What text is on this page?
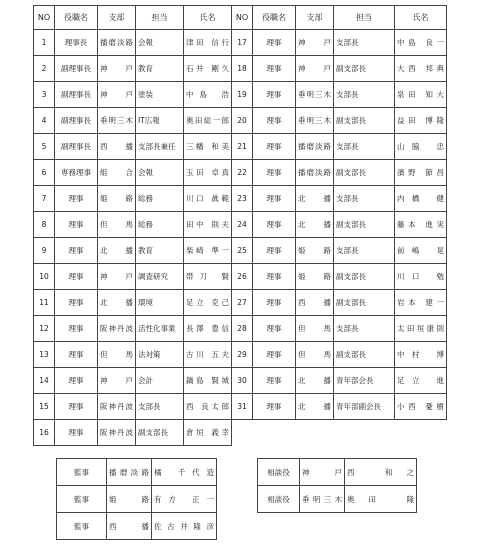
NO	役職名	支部	担当	氏名	NO	役職名	支部	担当	氏名
1	理事長	播磨淡路	会報	津田 信行	17	理事	神 戸	支部長	中島 良一
2	副理事長	神 戸	教育	石井 剛久	18	理事	神 戸	副支部長	大西 邦典
3	副理事長	神 戸	塗装	中島 浩	19	理事	垂明三木	支部長	泉田 知大
4	副理事長	垂明三木	IT広報	奥田総一郎	20	理事	垂明三木	副支部長	益田 博隆
5	副理事長	西 播	支部長兼任	三幡 和美	21	理事	播磨淡路	支部長	山脇 忠
6	専務理事	組 合	会報	玉田 卓真	22	理事	播磨淡路	副支部長	濱野 節昌
7	理事	姫 路	総務	川口 眞範	23	理事	北 播	支部長	内橋 健
8	理事	但 馬	総務	田中 則夫	24	理事	北 播	副支部長	藤本 進実
9	理事	北 播	教育	柴崎 準一	25	理事	姫 路	支部長	前嶋 晃
10	理事	神 戸	調査研究	帯刀 賢	26	理事	姫 路	副支部長	川口 勉
11	理事	北 播	環境	足立 克己	27	理事	西 播	副支部長	岩本 建一
12	理事	阪神丹波	活性化事業	長澤 豊信	28	理事	但 馬	支部長	太田垣康則
13	理事	但 馬	法対策	古川 五夫	29	理事	但 馬	副支部長	中村 博
14	理事	神 戸	会計	鍋島 賢城	30	理事	北 播	青年部会長	足立 進
15	理事	阪神丹波	支部長	西 良太郎	31	理事	北 播	青年部副会長	小西 憂樹
16	理事	阪神丹波	副支部長	倉垣 義幸					
監事	播磨淡路	橘 千代造
監事	姫 路	有方 正一
監事	西 播	佐古井隆彦
相談役	神 戸	西 和之
相談役	垂明三木	奥田 隆
